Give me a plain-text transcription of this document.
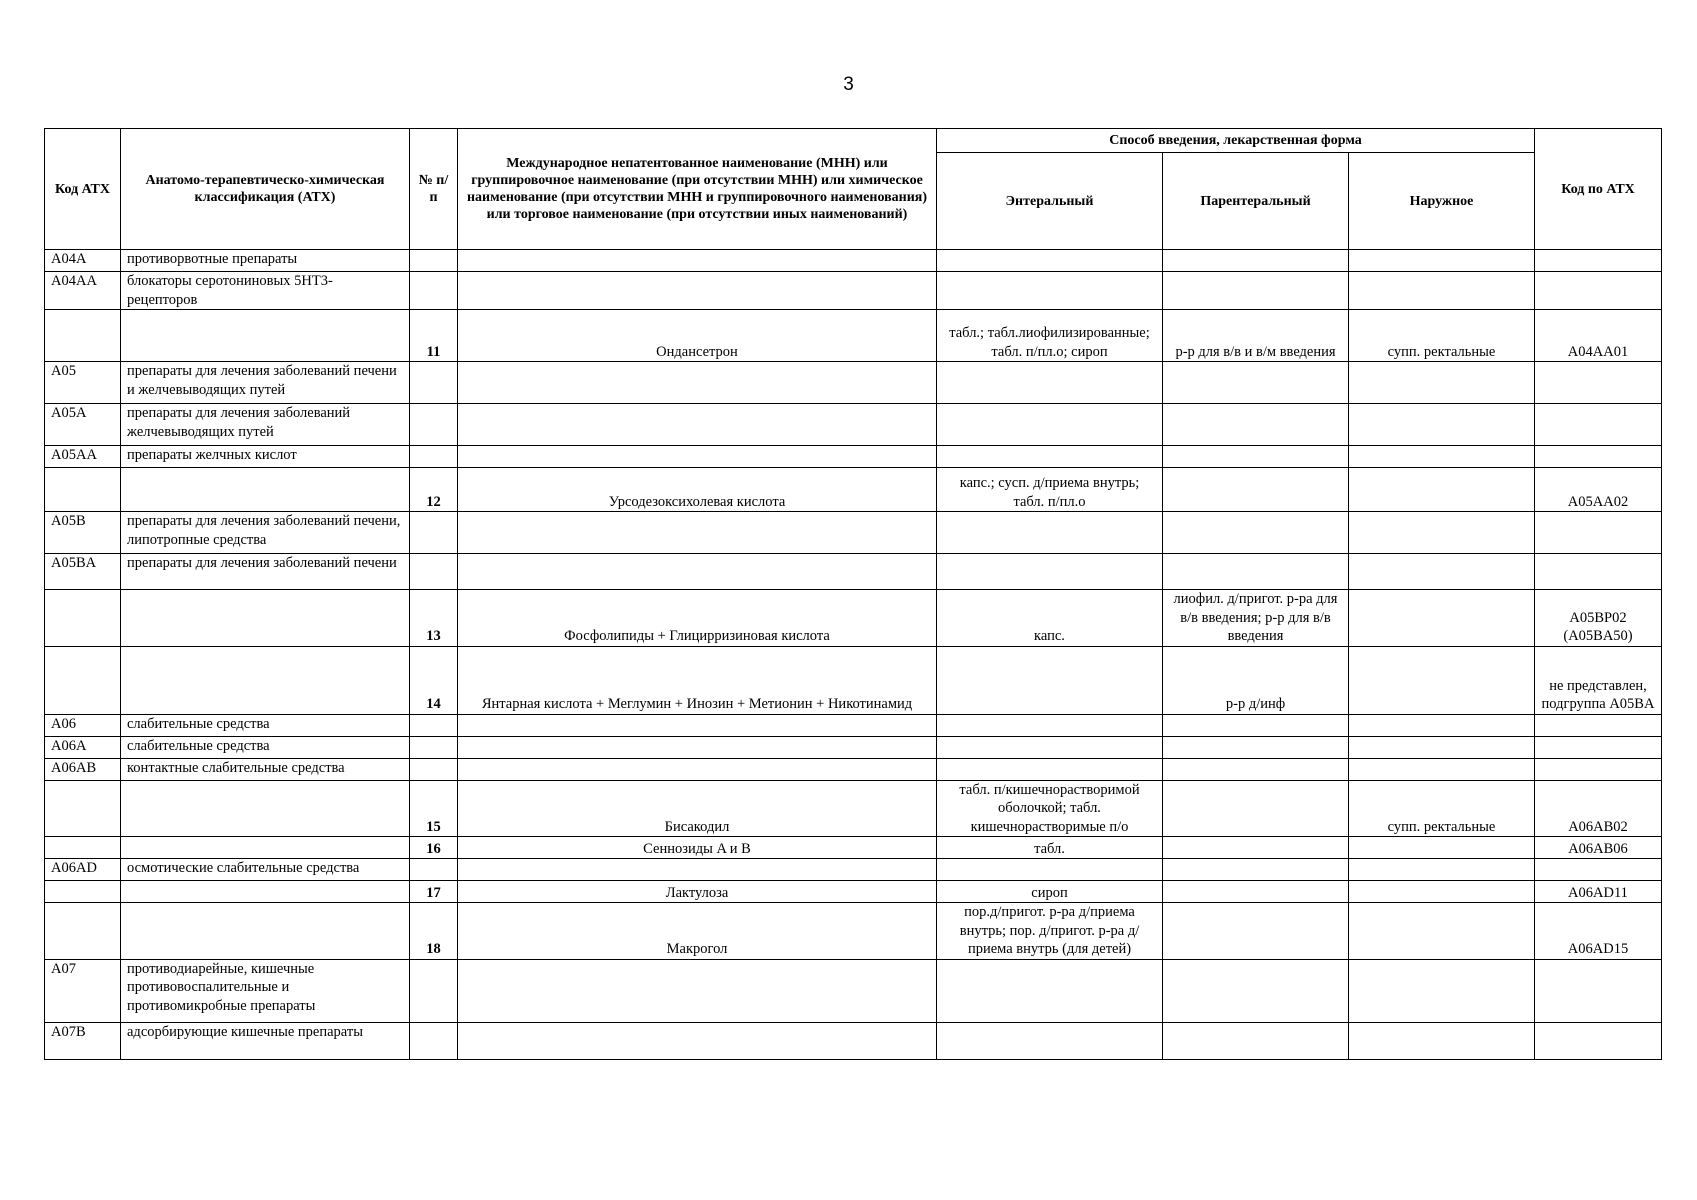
3
Код АТХ	Анатомо-терапевтическо-химическая классификация (АТХ)	№ п/п	Международное непатентованное наименование (МНН) или группировочное наименование (при отсутствии МНН) или химическое наименование (при отсутствии МНН и группировочного наименования) или торговое наименование (при отсутствии иных наименований)	Способ введения, лекарственная форма			Код по АТХ
				Энтеральный	Парентеральный	Наружное	
A04A	противорвотные препараты						
A04AA	блокаторы серотониновых 5HT3-рецепторов						
		11	Ондансетрон	табл.; табл.лиофилизированные; табл. п/пл.о; сироп	р-р для в/в и в/м введения	супп. ректальные	A04AA01
A05	препараты для лечения заболеваний печени и желчевыводящих путей						
A05A	препараты для лечения заболеваний желчевыводящих путей						
A05AA	препараты желчных кислот						
		12	Урсодезоксихолевая кислота	капс.; сусп. д/приема внутрь; табл. п/пл.о			A05AA02
A05B	препараты для лечения заболеваний печени, липотропные средства						
A05BA	препараты для лечения заболеваний печени						
		13	Фосфолипиды + Глицирризиновая кислота	капс.	лиофил. д/пригот. р-ра для в/в введения; р-р для в/в введения		A05BP02 (A05BA50)
		14	Янтарная кислота + Меглумин + Инозин + Метионин + Никотинамид		р-р д/инф		не представлен, подгруппа A05BA
A06	слабительные средства						
A06A	слабительные средства						
A06AB	контактные слабительные средства						
		15	Бисакодил	табл. п/кишечнорастворимой оболочкой; табл. кишечнорастворимые п/о		супп. ректальные	A06AB02
		16	Сеннозиды A и B	табл.			A06AB06
A06AD	осмотические слабительные средства						
		17	Лактулоза	сироп			A06AD11
		18	Макрогол	пор.д/пригот. р-ра д/приема внутрь; пор. д/пригот. р-ра д/приема внутрь (для детей)			A06AD15
A07	противодиарейные, кишечные противовоспалительные и противомикробные препараты						
A07B	адсорбирующие кишечные препараты						
